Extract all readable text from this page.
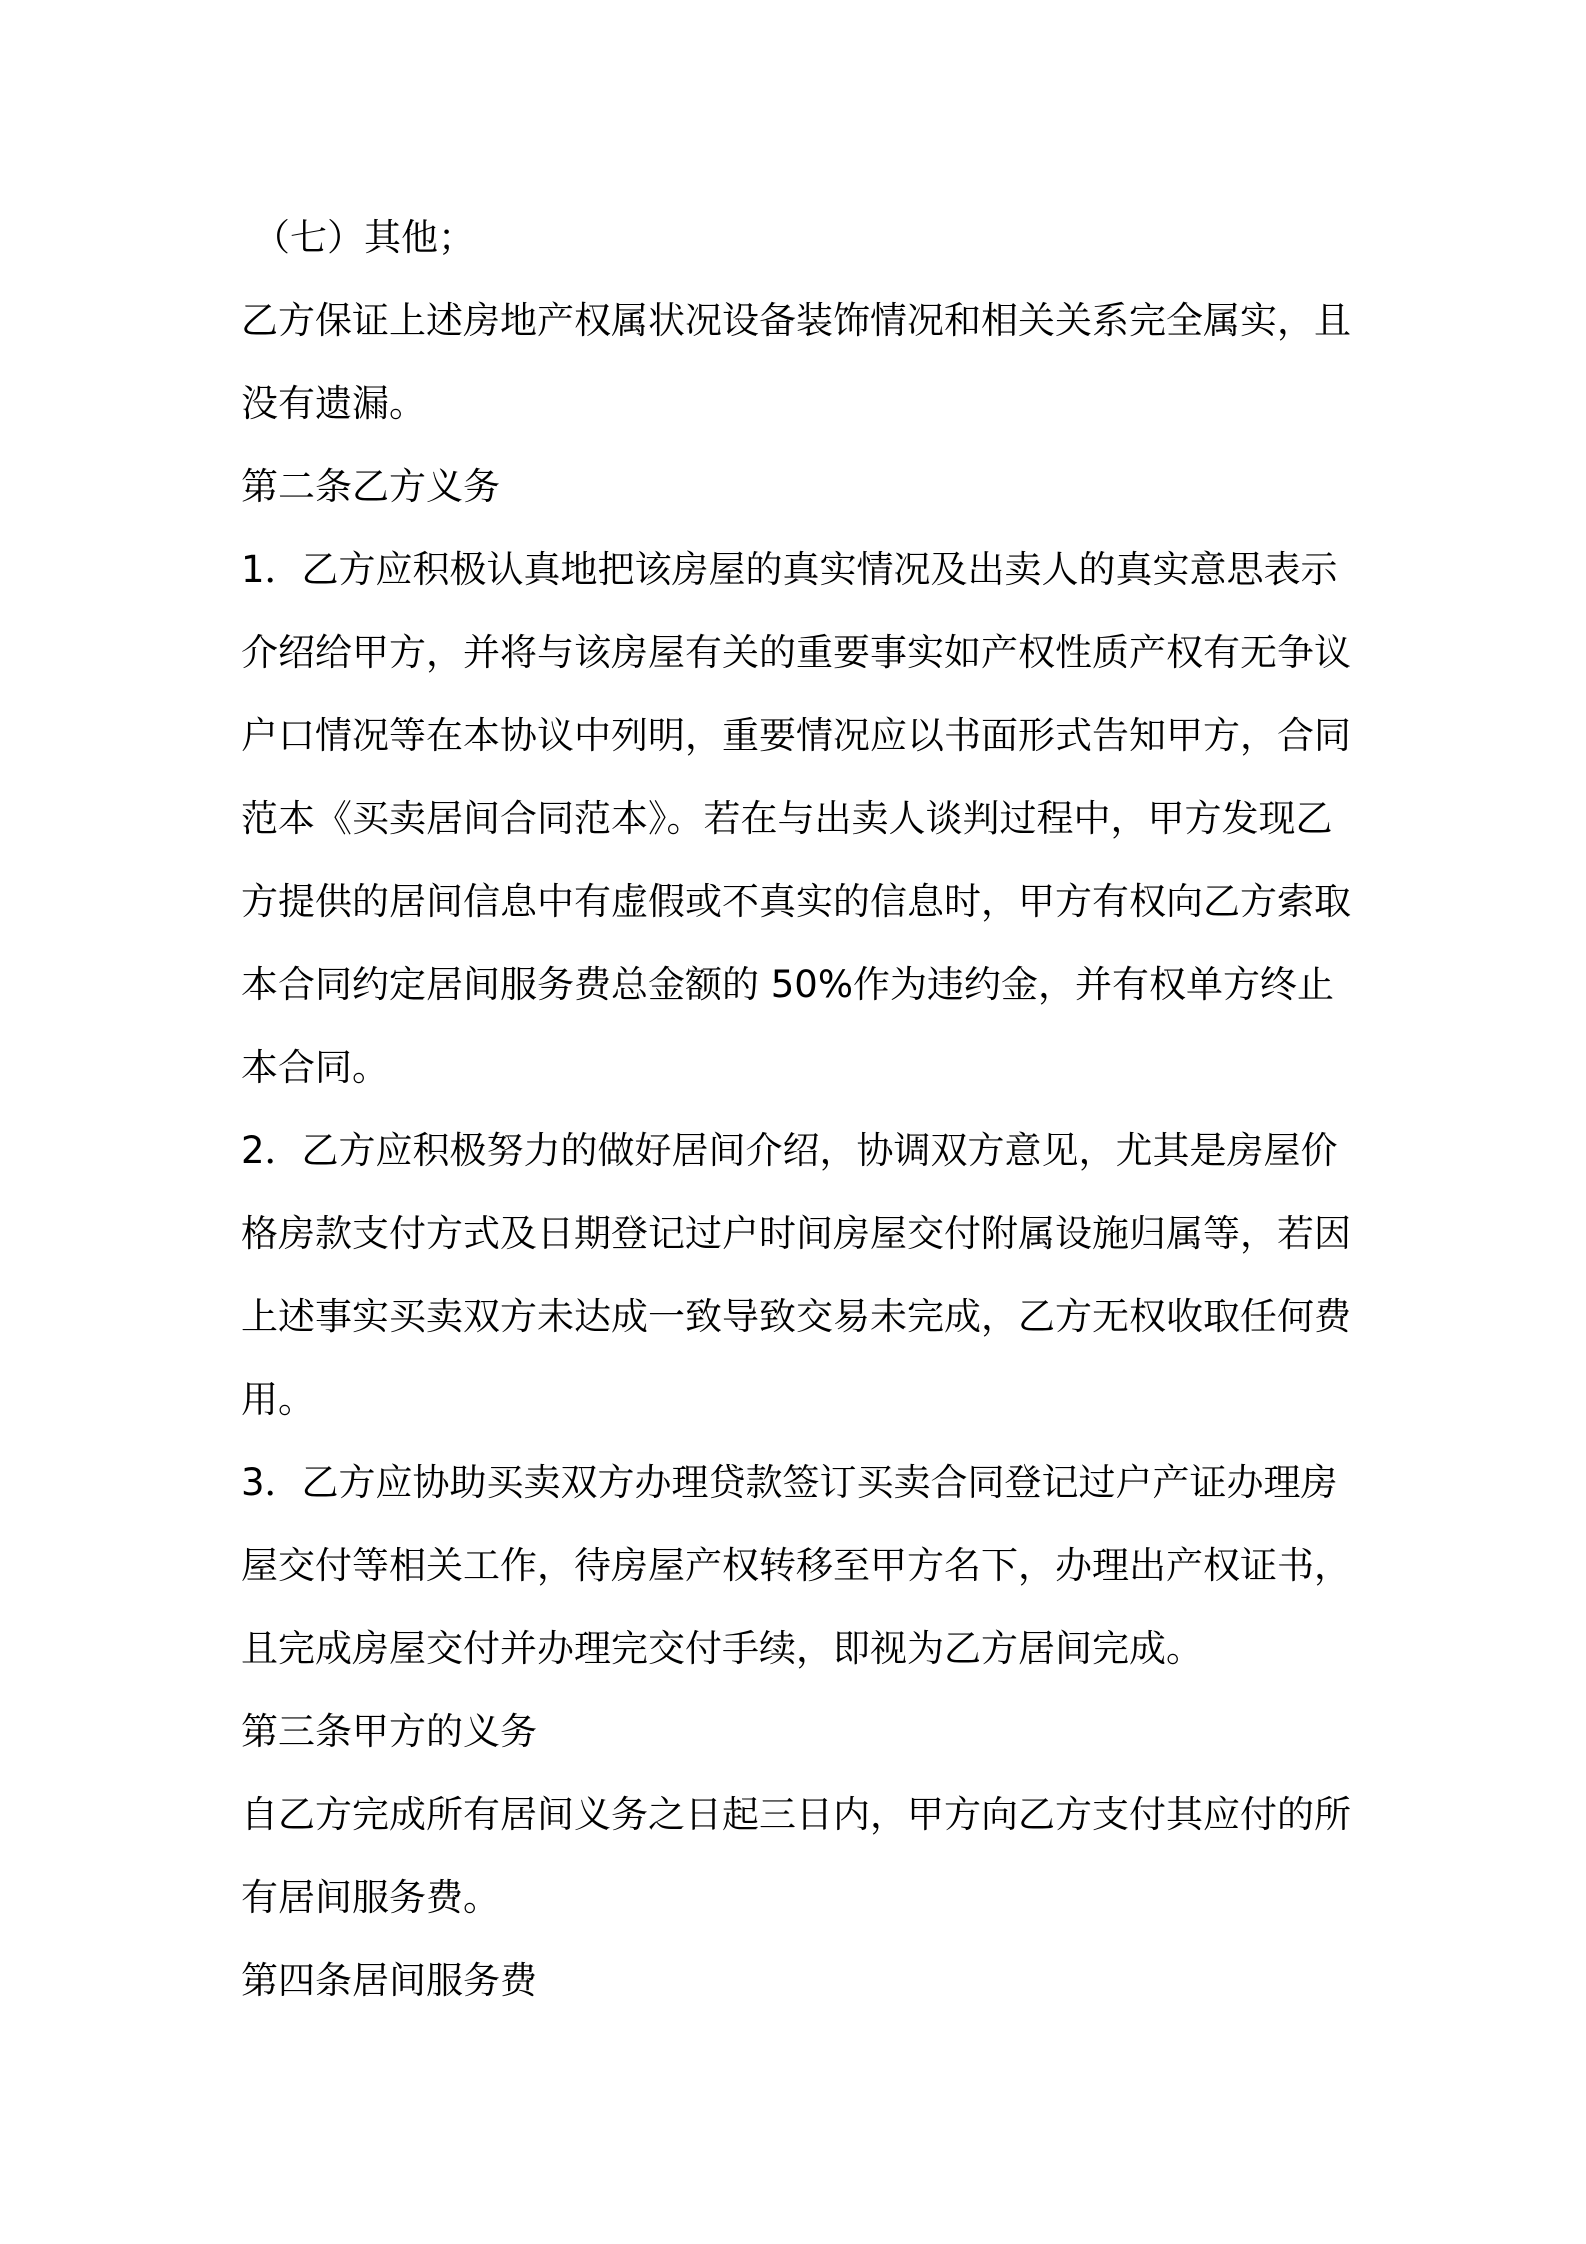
（七）其他；
乙方保证上述房地产权属状况设备装饰情况和相关关系完全属实，且
没有遗漏。
第二条乙方义务
1．乙方应积极认真地把该房屋的真实情况及出卖人的真实意思表示
介绍给甲方，并将与该房屋有关的重要事实如产权性质产权有无争议
户口情况等在本协议中列明，重要情况应以书面形式告知甲方，合同
范本《买卖居间合同范本》。若在与出卖人谈判过程中，甲方发现乙
方提供的居间信息中有虚假或不真实的信息时，甲方有权向乙方索取
本合同约定居间服务费总金额的 50%作为违约金，并有权单方终止
本合同。
2．乙方应积极努力的做好居间介绍，协调双方意见，尤其是房屋价
格房款支付方式及日期登记过户时间房屋交付附属设施归属等，若因
上述事实买卖双方未达成一致导致交易未完成，乙方无权收取任何费
用。
3．乙方应协助买卖双方办理贷款签订买卖合同登记过户产证办理房
屋交付等相关工作，待房屋产权转移至甲方名下，办理出产权证书，
且完成房屋交付并办理完交付手续，即视为乙方居间完成。
第三条甲方的义务
自乙方完成所有居间义务之日起三日内，甲方向乙方支付其应付的所
有居间服务费。
第四条居间服务费
